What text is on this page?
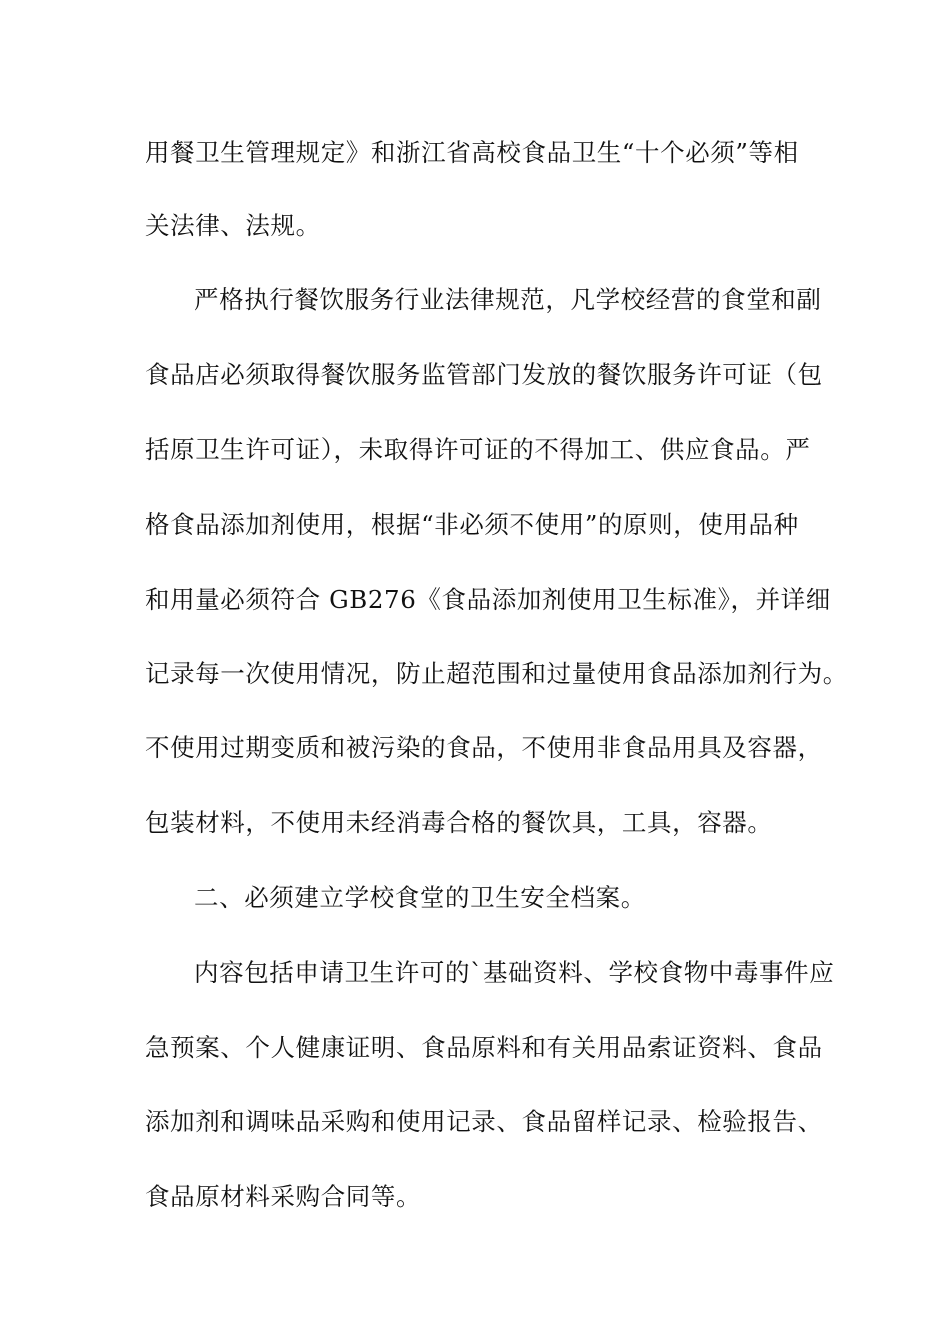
用餐卫生管理规定》和浙江省高校食品卫生“十个必须”等相
关法律、法规。
严格执行餐饮服务行业法律规范，凡学校经营的食堂和副
食品店必须取得餐饮服务监管部门发放的餐饮服务许可证（包
括原卫生许可证），未取得许可证的不得加工、供应食品。严
格食品添加剂使用，根据“非必须不使用”的原则，使用品种
和用量必须符合 GB276《食品添加剂使用卫生标准》，并详细
记录每一次使用情况，防止超范围和过量使用食品添加剂行为。
不使用过期变质和被污染的食品，不使用非食品用具及容器，
包装材料，不使用未经消毒合格的餐饮具，工具，容器。
二、必须建立学校食堂的卫生安全档案。
内容包括申请卫生许可的`基础资料、学校食物中毒事件应
急预案、个人健康证明、食品原料和有关用品索证资料、食品
添加剂和调味品采购和使用记录、食品留样记录、检验报告、
食品原材料采购合同等。
